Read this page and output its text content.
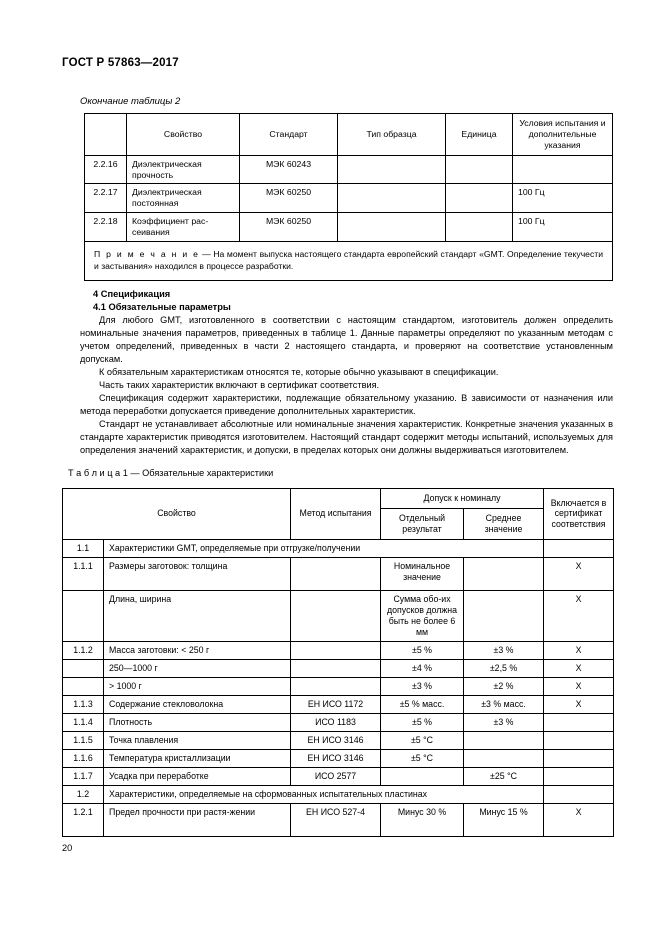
ГОСТ Р 57863—2017
Окончание таблицы 2
	Свойство	Стандарт	Тип образца	Единица	Условия испытания и дополнительные указания
2.2.16	Диэлектрическая прочность	МЭК 60243			
2.2.17	Диэлектрическая постоянная	МЭК 60250			100 Гц
2.2.18	Коэффициент рас-сеивания	МЭК 60250			100 Гц
П р и м е ч а н и е — На момент выпуска настоящего стандарта европейский стандарт «GMT. Определение текучести и застывания» находился в процессе разработки.					
4 Спецификация
4.1 Обязательные параметры

Для любого GMT, изготовленного в соответствии с настоящим стандартом, изготовитель должен определить номинальные значения параметров, приведенных в таблице 1. Данные параметры определяют по указанным методам с учетом определений, приведенных в части 2 настоящего стандарта, и проверяют на соответствие установленным допускам.

К обязательным характеристикам относятся те, которые обычно указывают в спецификации.

Часть таких характеристик включают в сертификат соответствия.

Спецификация содержит характеристики, подлежащие обязательному указанию. В зависимости от назначения или метода переработки допускается приведение дополнительных характеристик.

Стандарт не устанавливает абсолютные или номинальные значения характеристик. Конкретные значения указанных в стандарте характеристик приводятся изготовителем. Настоящий стандарт содержит методы испытаний, используемых для определения значений характеристик, и допуски, в пределах которых они должны выдерживаться изготовителем.

Т а б л и ц а 1 — Обязательные характеристики
Свойство		Метод испытания	Допуск к номиналу		Включается в сертификат соответствия
			Отдельный результат	Среднее значение	
1.1	Характеристики GMT, определяемые при отгрузке/получении				
1.1.1	Размеры заготовок: толщина		Номинальное значение		X
	Длина, ширина		Сумма обо-их допусков должна быть не более 6 мм		X
1.1.2	Масса заготовки: < 250 г		±5 %	±3 %	X
	250—1000 г		±4 %	±2,5 %	X
	> 1000 г		±3 %	±2 %	X
1.1.3	Содержание стекловолокна	ЕН ИСО 1172	±5 % масс.	±3 % масс.	X
1.1.4	Плотность	ИСО 1183	±5 %	±3 %	
1.1.5	Точка плавления	ЕН ИСО 3146	±5 °С		
1.1.6	Температура кристаллизации	ЕН ИСО 3146	±5 °С		
1.1.7	Усадка при переработке	ИСО 2577		±25 °С	
1.2	Характеристики, определяемые на сформованных испытательных пластинах				
1.2.1	Предел прочности при растя-жении	ЕН ИСО 527-4	Минус 30 %	Минус 15 %	X
20
